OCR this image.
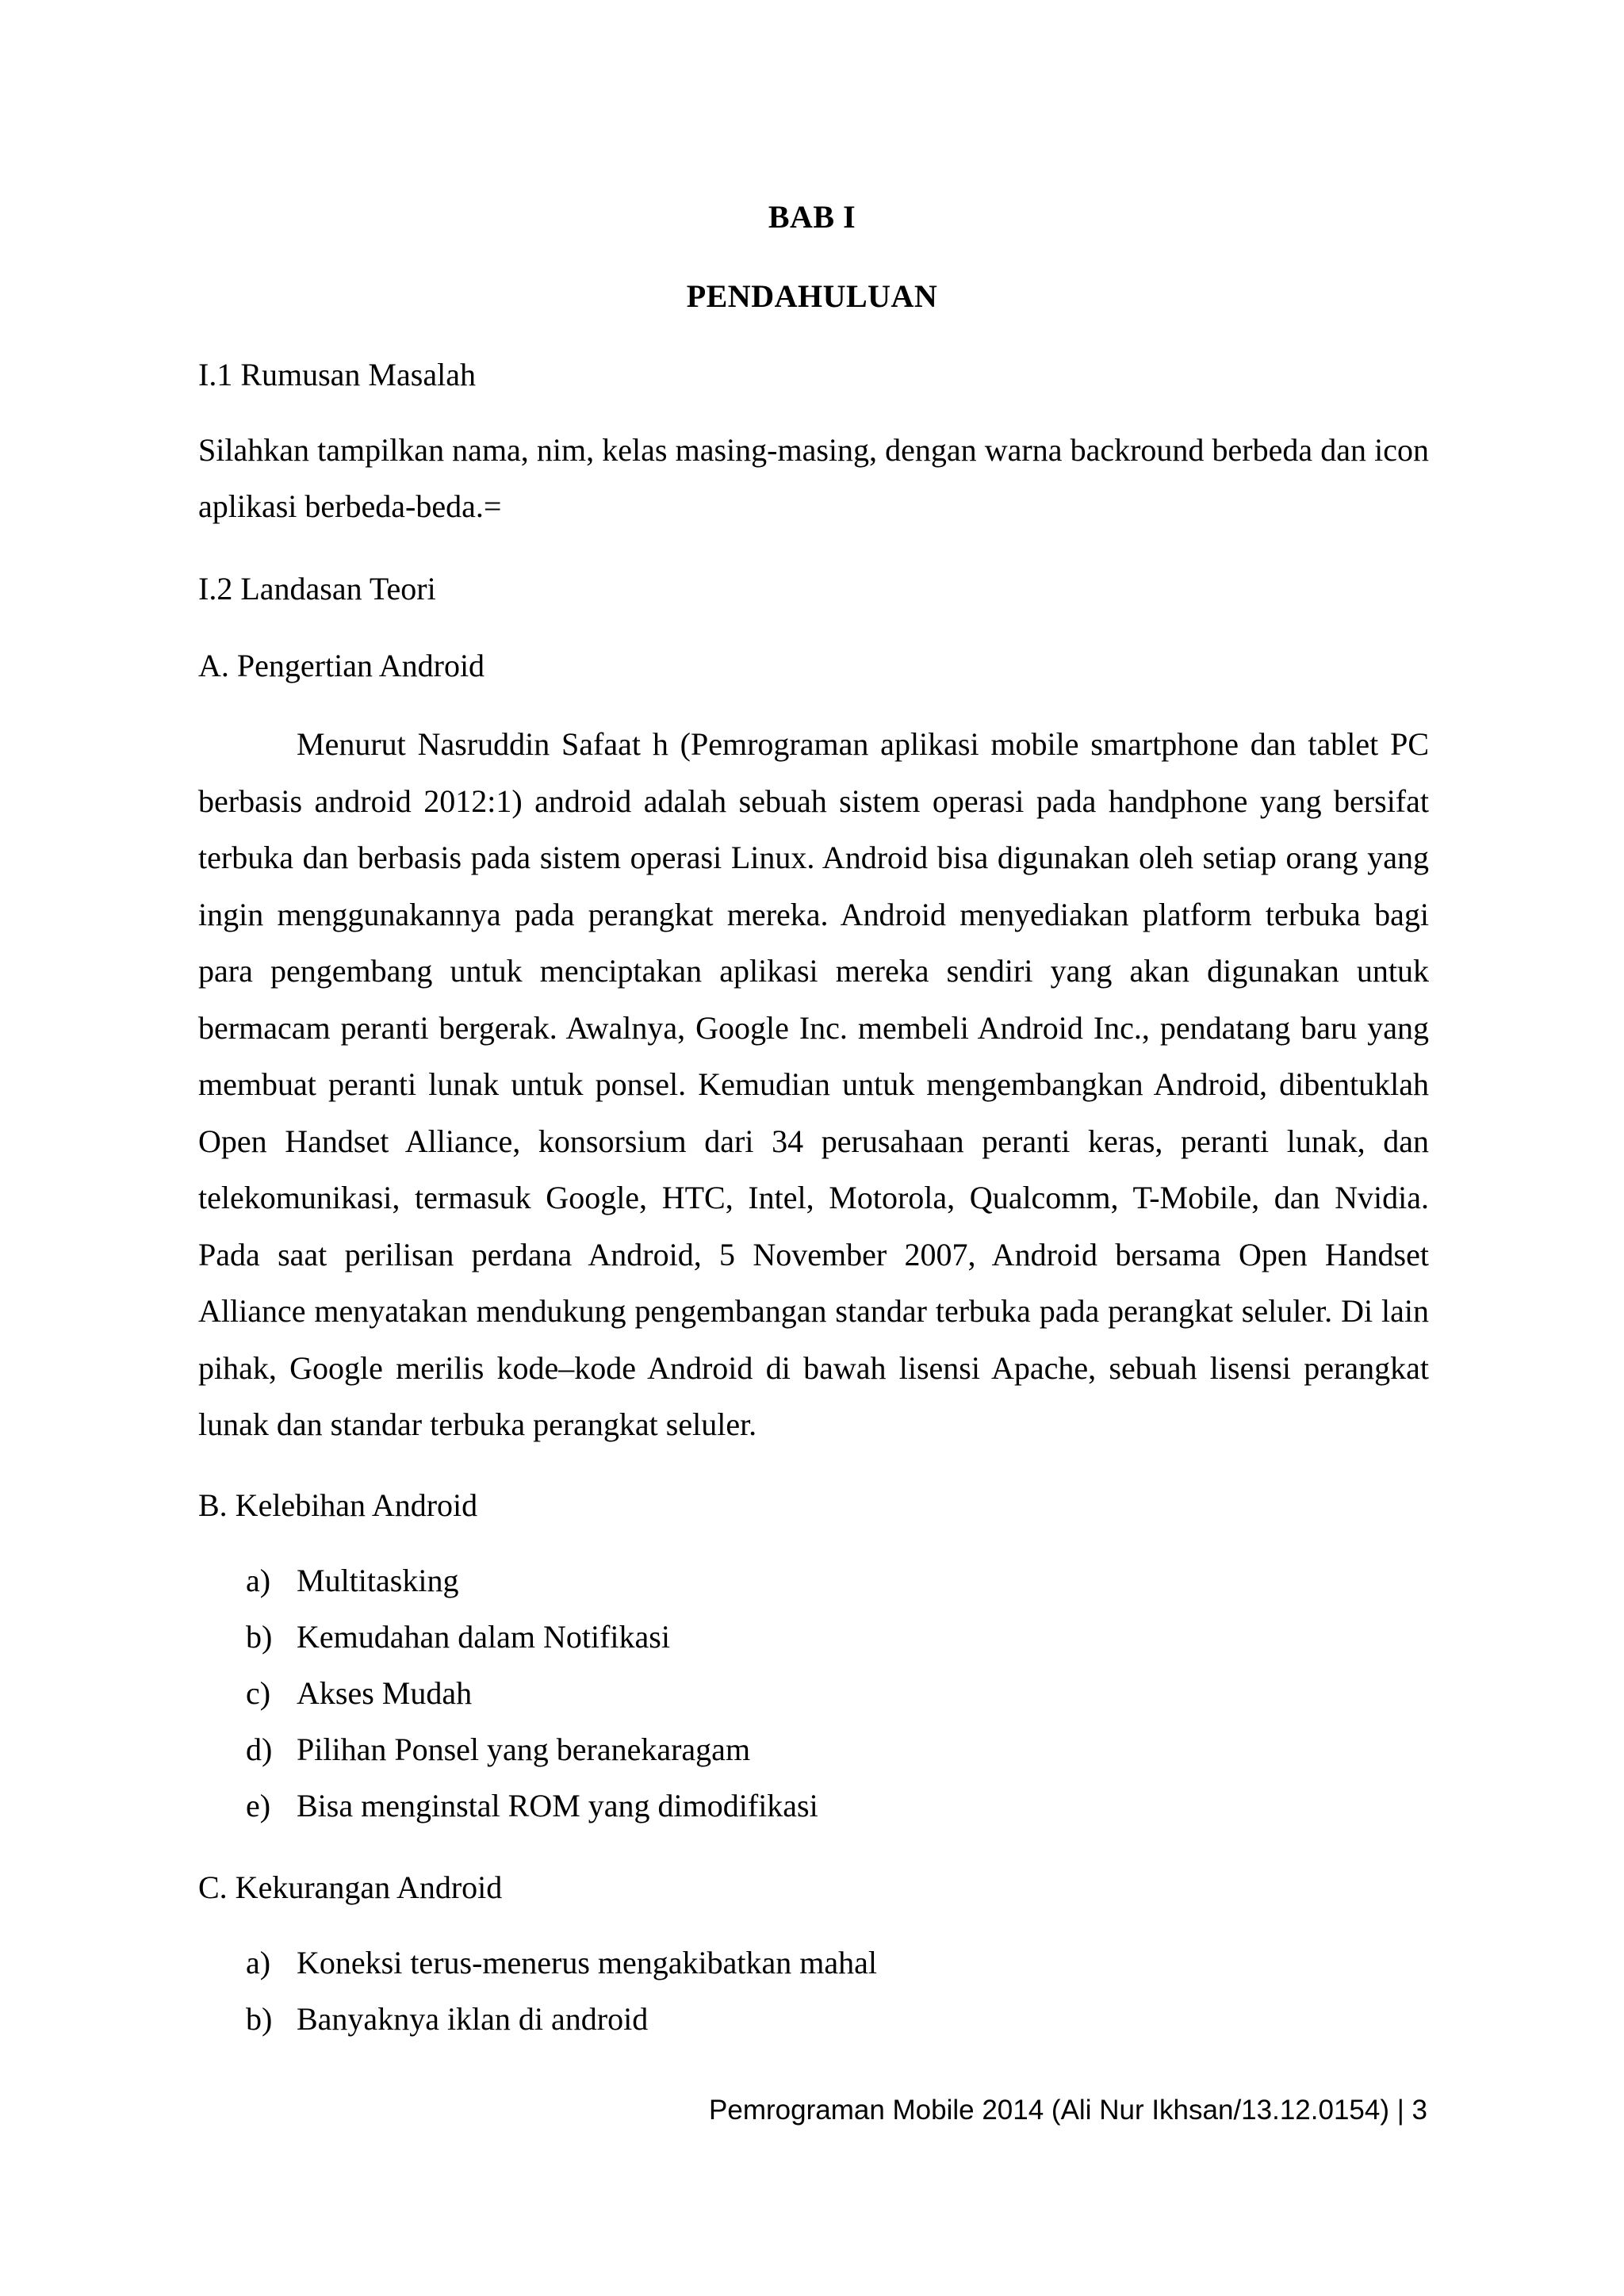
BAB I
PENDAHULUAN
I.1 Rumusan Masalah
Silahkan tampilkan nama, nim, kelas masing-masing, dengan warna backround berbeda dan icon aplikasi berbeda-beda.=
I.2 Landasan Teori
A. Pengertian Android
Menurut Nasruddin Safaat h (Pemrograman aplikasi mobile smartphone dan tablet PC berbasis android 2012:1) android adalah sebuah sistem operasi pada handphone yang bersifat terbuka dan berbasis pada sistem operasi Linux. Android bisa digunakan oleh setiap orang yang ingin menggunakannya pada perangkat mereka. Android menyediakan platform terbuka bagi para pengembang untuk menciptakan aplikasi mereka sendiri yang akan digunakan untuk bermacam peranti bergerak. Awalnya, Google Inc. membeli Android Inc., pendatang baru yang membuat peranti lunak untuk ponsel. Kemudian untuk mengembangkan Android, dibentuklah Open Handset Alliance, konsorsium dari 34 perusahaan peranti keras, peranti lunak, dan telekomunikasi, termasuk Google, HTC, Intel, Motorola, Qualcomm, T-Mobile, dan Nvidia. Pada saat perilisan perdana Android, 5 November 2007, Android bersama Open Handset Alliance menyatakan mendukung pengembangan standar terbuka pada perangkat seluler. Di lain pihak, Google merilis kode–kode Android di bawah lisensi Apache, sebuah lisensi perangkat lunak dan standar terbuka perangkat seluler.
B. Kelebihan Android
a) Multitasking
b) Kemudahan dalam Notifikasi
c) Akses Mudah
d) Pilihan Ponsel yang beranekaragam
e) Bisa menginstal ROM yang dimodifikasi
C. Kekurangan Android
a) Koneksi terus-menerus mengakibatkan mahal
b) Banyaknya iklan di android
Pemrograman Mobile 2014 (Ali Nur Ikhsan/13.12.0154) | 3
